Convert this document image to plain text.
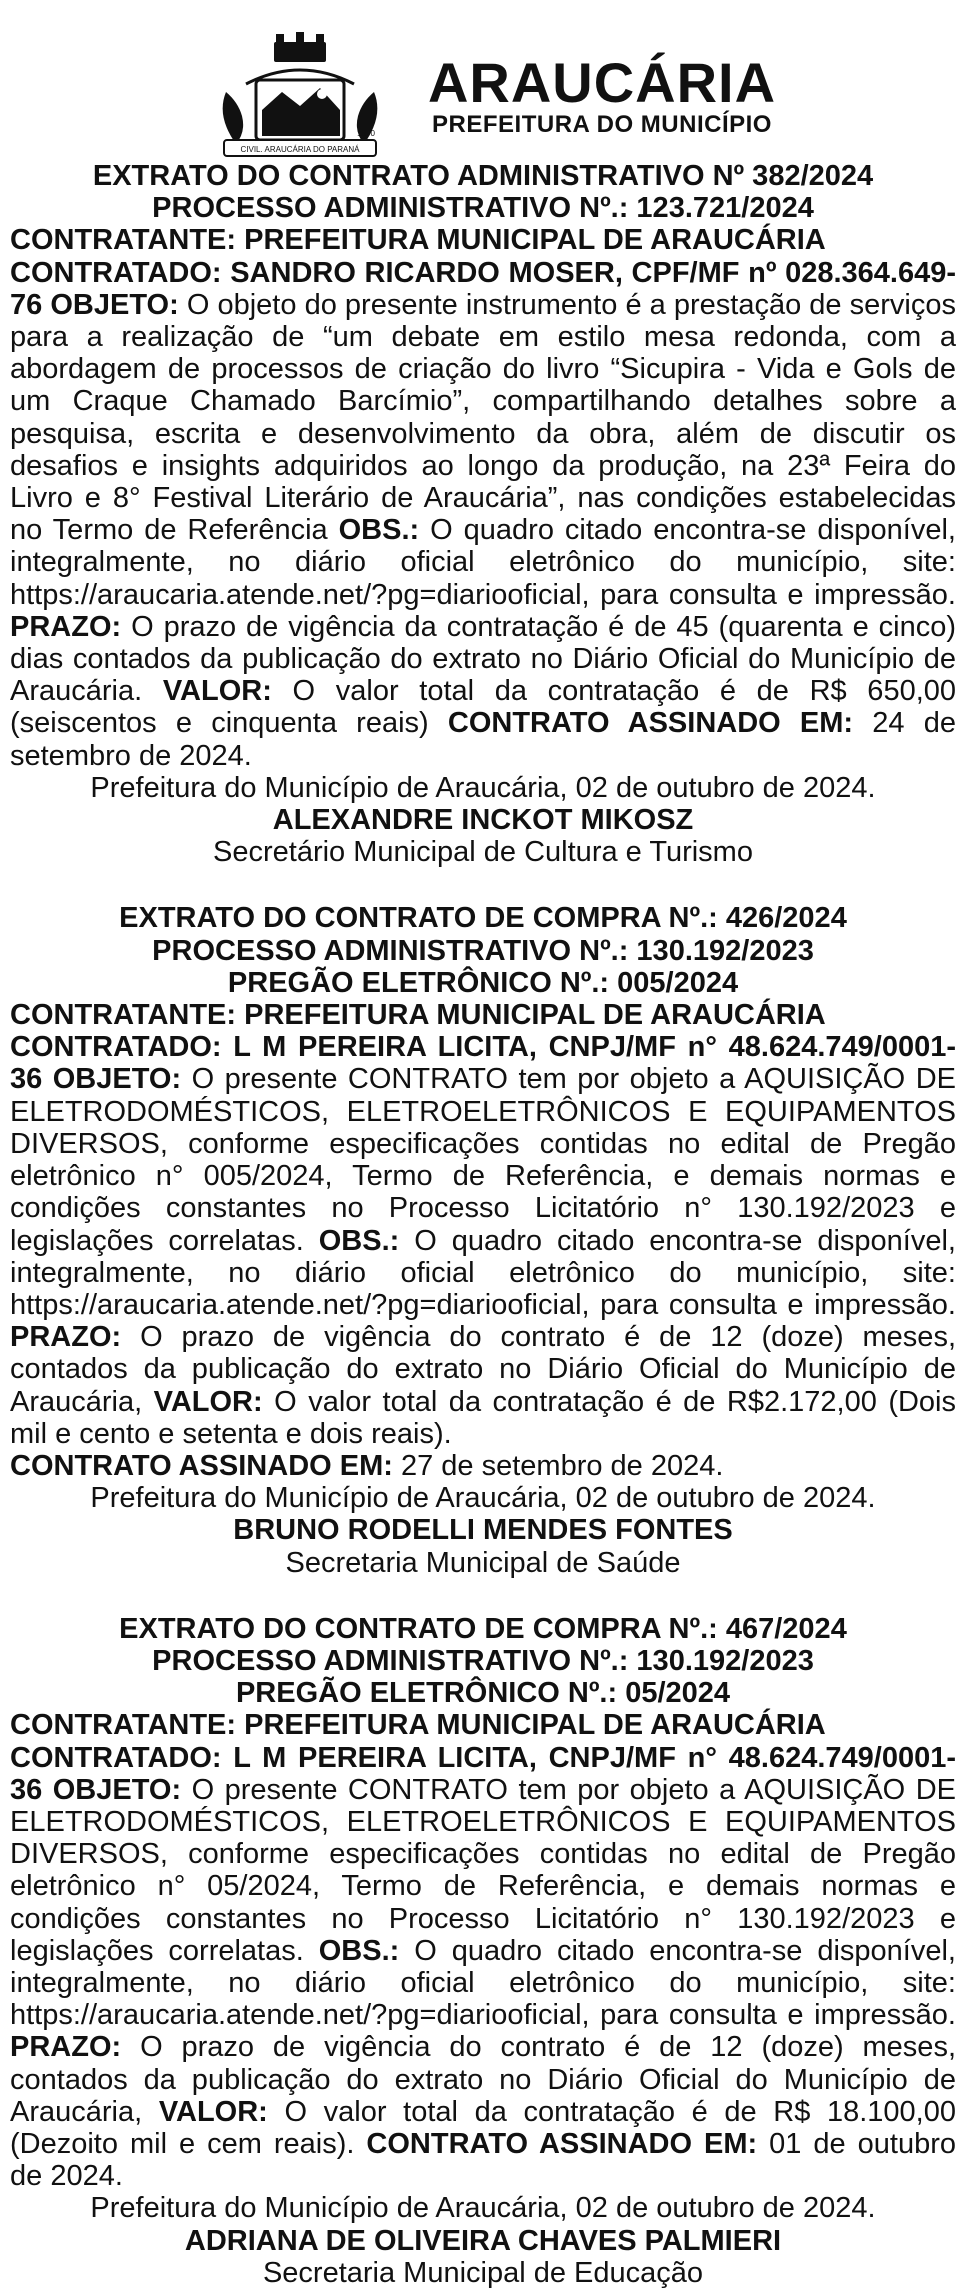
CIVIL. ARAUCÁRIA DO PARANÁ
1890
ARAUCÁRIA
PREFEITURA DO MUNICÍPIO
EXTRATO DO CONTRATO ADMINISTRATIVO Nº 382/2024
PROCESSO ADMINISTRATIVO Nº.: 123.721/2024
CONTRATANTE: PREFEITURA MUNICIPAL DE ARAUCÁRIA

CONTRATADO: SANDRO RICARDO MOSER, CPF/MF nº 028.364.649-76 OBJETO: O objeto do presente instrumento é a prestação de serviços para a realização de “um debate em estilo mesa redonda, com a abordagem de processos de criação do livro “Sicupira - Vida e Gols de um Craque Chamado Barcímio”, compartilhando detalhes sobre a pesquisa, escrita e desenvolvimento da obra, além de discutir os desafios e insights adquiridos ao longo da produção, na 23ª Feira do Livro e 8° Festival Literário de Araucária”, nas condições estabelecidas no Termo de Referência OBS.: O quadro citado encontra-se disponível, integralmente, no diário oficial eletrônico do município, site: https://araucaria.atende.net/?pg=diariooficial, para consulta e impressão. PRAZO: O prazo de vigência da contratação é de 45 (quarenta e cinco) dias contados da publicação do extrato no Diário Oficial do Município de Araucária. VALOR: O valor total da contratação é de R$ 650,00 (seiscentos e cinquenta reais) CONTRATO ASSINADO EM: 24 de setembro de 2024.

Prefeitura do Município de Araucária, 02 de outubro de 2024.
ALEXANDRE INCKOT MIKOSZ
Secretário Municipal de Cultura e Turismo
EXTRATO DO CONTRATO DE COMPRA Nº.: 426/2024
PROCESSO ADMINISTRATIVO Nº.: 130.192/2023
PREGÃO ELETRÔNICO Nº.: 005/2024
CONTRATANTE: PREFEITURA MUNICIPAL DE ARAUCÁRIA

CONTRATADO: L M PEREIRA LICITA, CNPJ/MF n° 48.624.749/0001-36 OBJETO: O presente CONTRATO tem por objeto a AQUISIÇÃO DE ELETRODOMÉSTICOS, ELETROELETRÔNICOS E EQUIPAMENTOS DIVERSOS, conforme especificações contidas no edital de Pregão eletrônico n° 005/2024, Termo de Referência, e demais normas e condições constantes no Processo Licitatório n° 130.192/2023 e legislações correlatas. OBS.: O quadro citado encontra-se disponível, integralmente, no diário oficial eletrônico do município, site: https://araucaria.atende.net/?pg=diariooficial, para consulta e impressão. PRAZO: O prazo de vigência do contrato é de 12 (doze) meses, contados da publicação do extrato no Diário Oficial do Município de Araucária, VALOR: O valor total da contratação é de R$2.172,00 (Dois mil e cento e setenta e dois reais).
CONTRATO ASSINADO EM: 27 de setembro de 2024.

Prefeitura do Município de Araucária, 02 de outubro de 2024.
BRUNO RODELLI MENDES FONTES
Secretaria Municipal de Saúde
EXTRATO DO CONTRATO DE COMPRA Nº.: 467/2024
PROCESSO ADMINISTRATIVO Nº.: 130.192/2023
PREGÃO ELETRÔNICO Nº.: 05/2024
CONTRATANTE: PREFEITURA MUNICIPAL DE ARAUCÁRIA

CONTRATADO: L M PEREIRA LICITA, CNPJ/MF n° 48.624.749/0001-36 OBJETO: O presente CONTRATO tem por objeto a AQUISIÇÃO DE ELETRODOMÉSTICOS, ELETROELETRÔNICOS E EQUIPAMENTOS DIVERSOS, conforme especificações contidas no edital de Pregão eletrônico n° 05/2024, Termo de Referência, e demais normas e condições constantes no Processo Licitatório n° 130.192/2023 e legislações correlatas. OBS.: O quadro citado encontra-se disponível, integralmente, no diário oficial eletrônico do município, site: https://araucaria.atende.net/?pg=diariooficial, para consulta e impressão. PRAZO: O prazo de vigência do contrato é de 12 (doze) meses, contados da publicação do extrato no Diário Oficial do Município de Araucária, VALOR: O valor total da contratação é de R$ 18.100,00 (Dezoito mil e cem reais). CONTRATO ASSINADO EM: 01 de outubro de 2024.

Prefeitura do Município de Araucária, 02 de outubro de 2024.
ADRIANA DE OLIVEIRA CHAVES PALMIERI
Secretaria Municipal de Educação
